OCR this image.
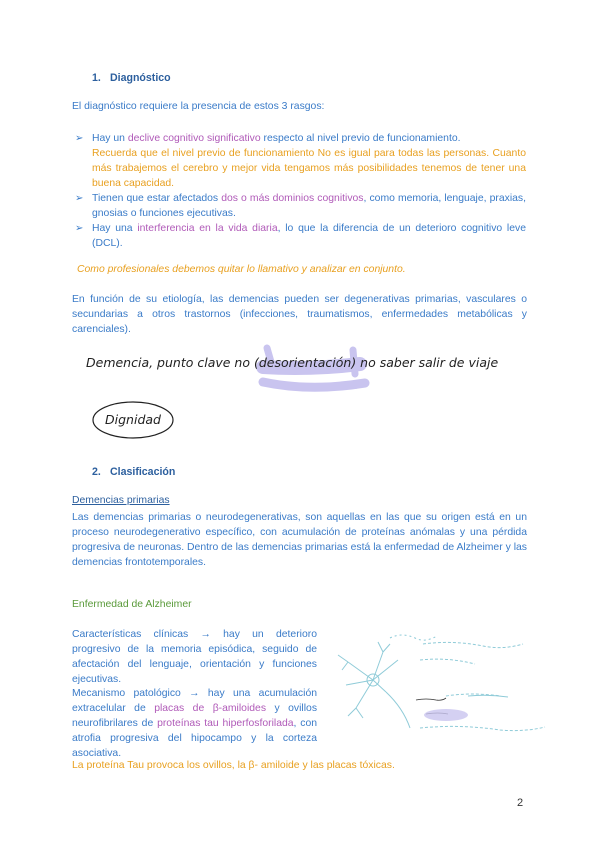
1. Diagnóstico
El diagnóstico requiere la presencia de estos 3 rasgos:
➢ Hay un declive cognitivo significativo respecto al nivel previo de funcionamiento.
Recuerda que el nivel previo de funcionamiento No es igual para todas las personas. Cuanto más trabajemos el cerebro y mejor vida tengamos más posibilidades tenemos de tener una buena capacidad.
➢ Tienen que estar afectados dos o más dominios cognitivos, como memoria, lenguaje, praxias, gnosias o funciones ejecutivas.
➢ Hay una interferencia en la vida diaria, lo que la diferencia de un deterioro cognitivo leve (DCL).
Como profesionales debemos quitar lo llamativo y analizar en conjunto.
En función de su etiología, las demencias pueden ser degenerativas primarias, vasculares o secundarias a otros trastornos (infecciones, traumatismos, enfermedades metabólicas y carenciales).
Demencia, punto clave no (desorientación) no saber salir de viaje
Dignidad
2. Clasificación
Demencias primarias
Las demencias primarias o neurodegenerativas, son aquellas en las que su origen está en un proceso neurodegenerativo específico, con acumulación de proteínas anómalas y una pérdida progresiva de neuronas. Dentro de las demencias primarias está la enfermedad de Alzheimer y las demencias frontotemporales.
Enfermedad de Alzheimer
Características clínicas → hay un deterioro progresivo de la memoria episódica, seguido de afectación del lenguaje, orientación y funciones ejecutivas.
Mecanismo patológico → hay una acumulación extracelular de placas de β-amiloides y ovillos neurofibrilares de proteínas tau hiperfosforilada, con atrofia progresiva del hipocampo y la corteza asociativa.
La proteína Tau provoca los ovillos, la β- amiloide y las placas tóxicas.
2
